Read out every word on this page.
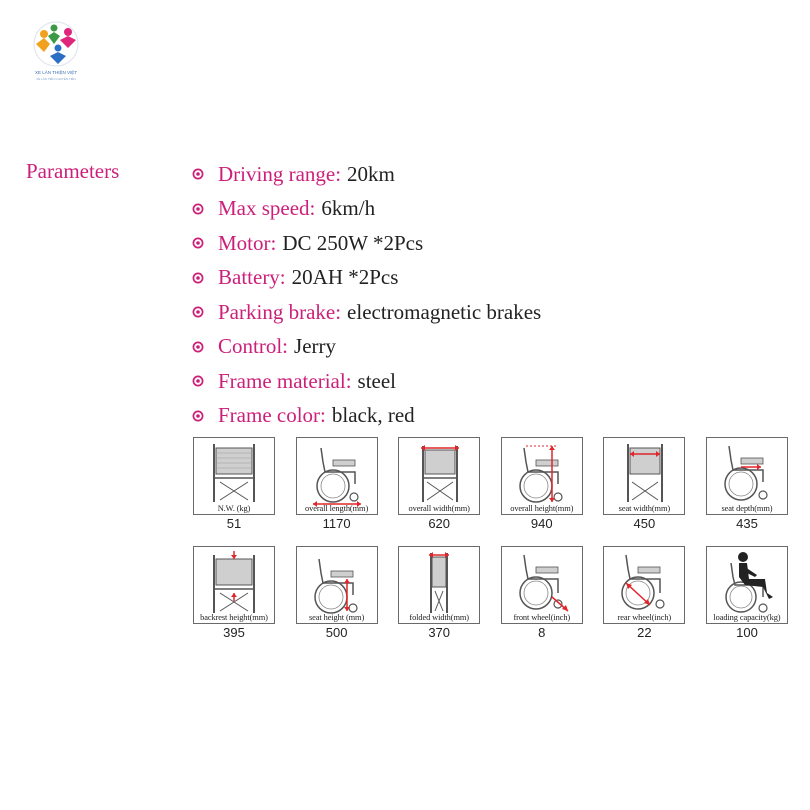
XE LĂN THIỆN VIỆT
XE LĂN TIỆN CHUYÊN TIỆN
Parameters	Driving range: 20km
Max speed: 6km/h
Motor: DC 250W *2Pcs
Battery: 20AH *2Pcs
Parking brake: electromagnetic brakes
Control: Jerry
Frame material: steel
Frame color: black, red
N.W. (kg)
51
overall length(mm)
1170
overall width(mm)
620
overall height(mm)
940
seat width(mm)
450
seat depth(mm)
435
backrest height(mm)
395
seat height (mm)
500
folded width(mm)
370
front wheel(inch)
8
rear wheel(inch)
22
loading capacity(kg)
100
